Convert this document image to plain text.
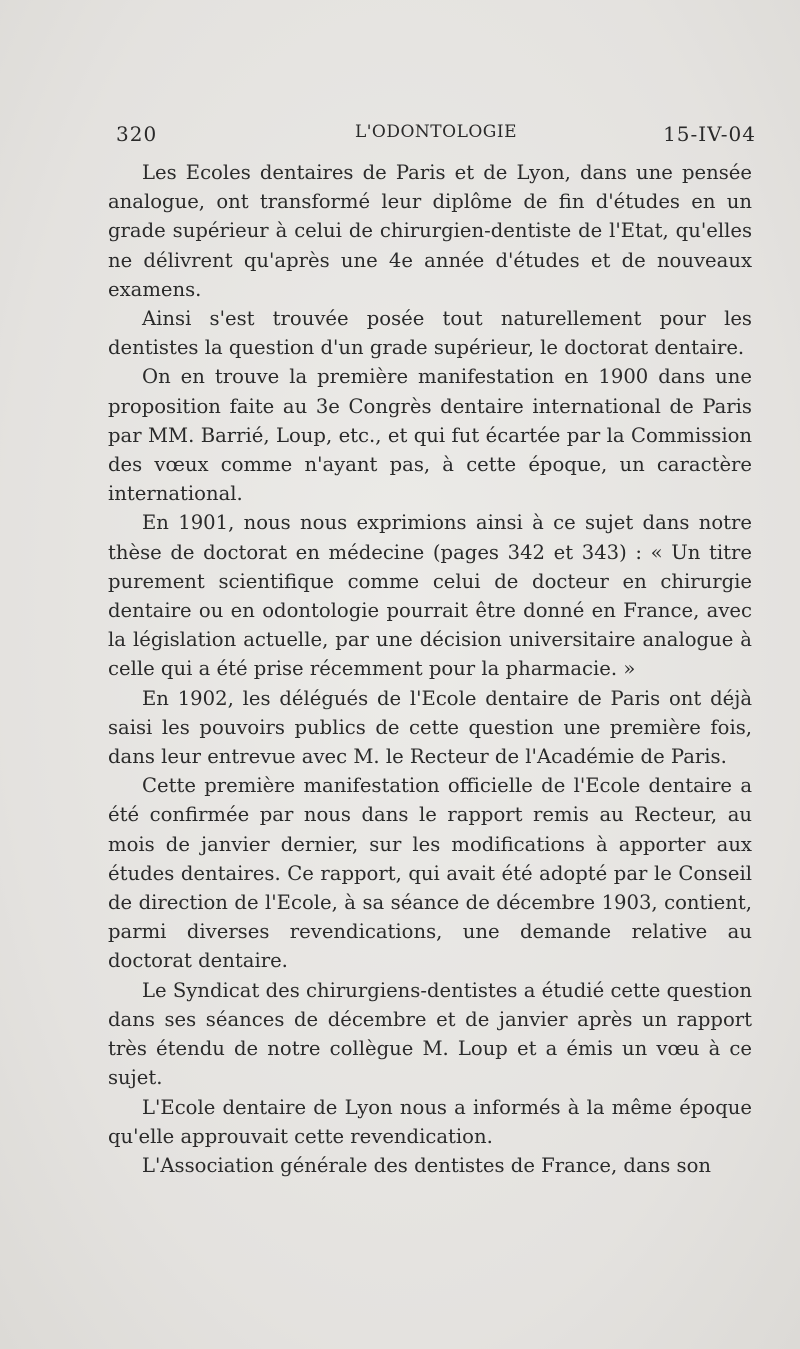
320	L'ODONTOLOGIE	15-IV-04

Les Ecoles dentaires de Paris et de Lyon, dans une pensée analogue, ont transformé leur diplôme de fin d'études en un grade supérieur à celui de chirurgien-dentiste de l'Etat, qu'elles ne délivrent qu'après une 4e année d'études et de nouveaux examens.

Ainsi s'est trouvée posée tout naturellement pour les dentistes la question d'un grade supérieur, le doctorat dentaire.

On en trouve la première manifestation en 1900 dans une proposition faite au 3e Congrès dentaire international de Paris par MM. Barrié, Loup, etc., et qui fut écartée par la Commission des vœux comme n'ayant pas, à cette époque, un caractère international.

En 1901, nous nous exprimions ainsi à ce sujet dans notre thèse de doctorat en médecine (pages 342 et 343) : « Un titre purement scientifique comme celui de docteur en chirurgie dentaire ou en odontologie pourrait être donné en France, avec la législation actuelle, par une décision universitaire analogue à celle qui a été prise récemment pour la pharmacie. »

En 1902, les délégués de l'Ecole dentaire de Paris ont déjà saisi les pouvoirs publics de cette question une première fois, dans leur entrevue avec M. le Recteur de l'Académie de Paris.

Cette première manifestation officielle de l'Ecole dentaire a été confirmée par nous dans le rapport remis au Recteur, au mois de janvier dernier, sur les modifications à apporter aux études dentaires. Ce rapport, qui avait été adopté par le Conseil de direction de l'Ecole, à sa séance de décembre 1903, contient, parmi diverses revendications, une demande relative au doctorat dentaire.

Le Syndicat des chirurgiens-dentistes a étudié cette question dans ses séances de décembre et de janvier après un rapport très étendu de notre collègue M. Loup et a émis un vœu à ce sujet.

L'Ecole dentaire de Lyon nous a informés à la même époque qu'elle approuvait cette revendication.

L'Association générale des dentistes de France, dans son
